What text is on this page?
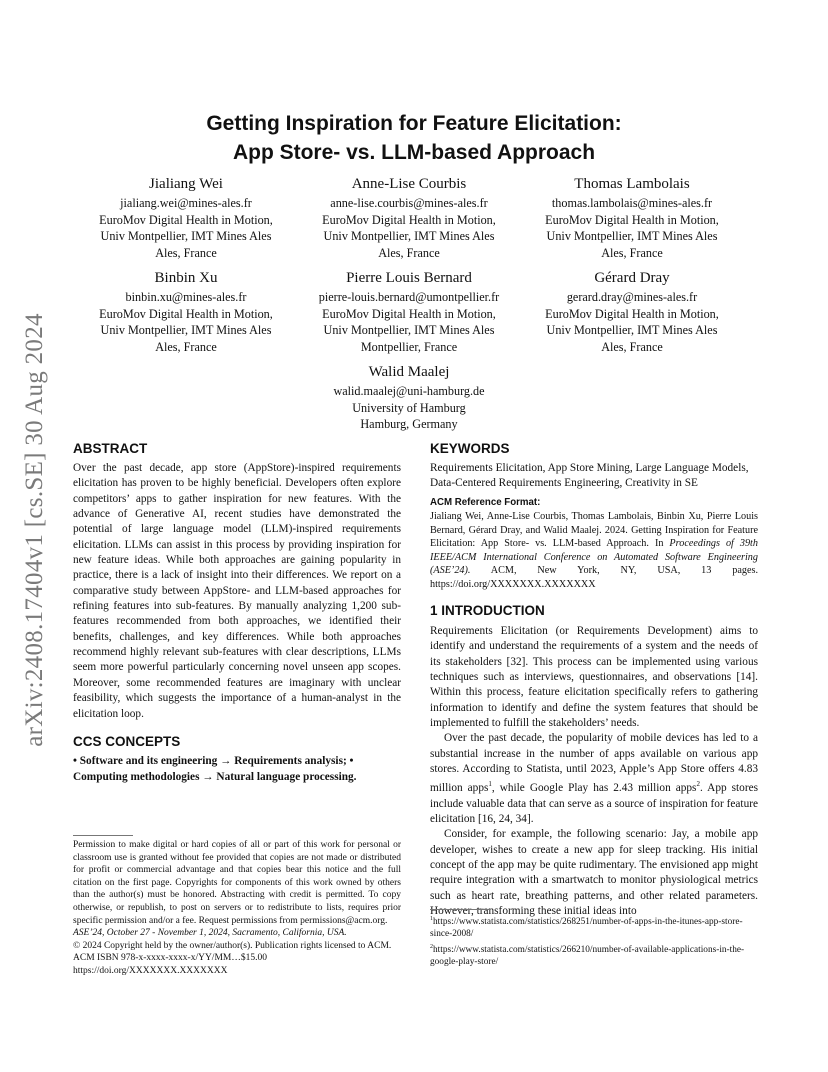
arXiv:2408.17404v1 [cs.SE] 30 Aug 2024
Getting Inspiration for Feature Elicitation:
App Store- vs. LLM-based Approach
Jialiang Wei
jialiang.wei@mines-ales.fr
EuroMov Digital Health in Motion,
Univ Montpellier, IMT Mines Ales
Ales, France
Anne-Lise Courbis
anne-lise.courbis@mines-ales.fr
EuroMov Digital Health in Motion,
Univ Montpellier, IMT Mines Ales
Ales, France
Thomas Lambolais
thomas.lambolais@mines-ales.fr
EuroMov Digital Health in Motion,
Univ Montpellier, IMT Mines Ales
Ales, France
Binbin Xu
binbin.xu@mines-ales.fr
EuroMov Digital Health in Motion,
Univ Montpellier, IMT Mines Ales
Ales, France
Pierre Louis Bernard
pierre-louis.bernard@umontpellier.fr
EuroMov Digital Health in Motion,
Univ Montpellier, IMT Mines Ales
Montpellier, France
Gérard Dray
gerard.dray@mines-ales.fr
EuroMov Digital Health in Motion,
Univ Montpellier, IMT Mines Ales
Ales, France
Walid Maalej
walid.maalej@uni-hamburg.de
University of Hamburg
Hamburg, Germany
ABSTRACT

Over the past decade, app store (AppStore)-inspired requirements elicitation has proven to be highly beneficial. Developers often explore competitors’ apps to gather inspiration for new features. With the advance of Generative AI, recent studies have demonstrated the potential of large language model (LLM)-inspired requirements elicitation. LLMs can assist in this process by providing inspiration for new feature ideas. While both approaches are gaining popularity in practice, there is a lack of insight into their differences. We report on a comparative study between AppStore- and LLM-based approaches for refining features into sub-features. By manually analyzing 1,200 sub-features recommended from both approaches, we identified their benefits, challenges, and key differences. While both approaches recommend highly relevant sub-features with clear descriptions, LLMs seem more powerful particularly concerning novel unseen app scopes. Moreover, some recommended features are imaginary with unclear feasibility, which suggests the importance of a human-analyst in the elicitation loop.

CCS CONCEPTS
• Software and its engineering → Requirements analysis; •
Computing methodologies → Natural language processing.

Permission to make digital or hard copies of all or part of this work for personal or classroom use is granted without fee provided that copies are not made or distributed for profit or commercial advantage and that copies bear this notice and the full citation on the first page. Copyrights for components of this work owned by others than the author(s) must be honored. Abstracting with credit is permitted. To copy otherwise, or republish, to post on servers or to redistribute to lists, requires prior specific permission and/or a fee. Request permissions from permissions@acm.org.

ASE’24, October 27 - November 1, 2024, Sacramento, California, USA.

© 2024 Copyright held by the owner/author(s). Publication rights licensed to ACM.

ACM ISBN 978-x-xxxx-xxxx-x/YY/MM…$15.00

https://doi.org/XXXXXXX.XXXXXXX

KEYWORDS

Requirements Elicitation, App Store Mining, Large Language Models, Data-Centered Requirements Engineering, Creativity in SE

ACM Reference Format:

Jialiang Wei, Anne-Lise Courbis, Thomas Lambolais, Binbin Xu, Pierre Louis Bernard, Gérard Dray, and Walid Maalej. 2024. Getting Inspiration for Feature Elicitation: App Store- vs. LLM-based Approach. In Proceedings of 39th IEEE/ACM International Conference on Automated Software Engineering (ASE’24). ACM, New York, NY, USA, 13 pages. https://doi.org/XXXXXXX.XXXXXXX

1 INTRODUCTION

Requirements Elicitation (or Requirements Development) aims to identify and understand the requirements of a system and the needs of its stakeholders [32]. This process can be implemented using various techniques such as interviews, questionnaires, and observations [14]. Within this process, feature elicitation specifically refers to gathering information to identify and define the system features that should be implemented to fulfill the stakeholders’ needs.

Over the past decade, the popularity of mobile devices has led to a substantial increase in the number of apps available on various app stores. According to Statista, until 2023, Apple’s App Store offers 4.83 million apps$^1$, while Google Play has 2.43 million apps$^2$. App stores include valuable data that can serve as a source of inspiration for feature elicitation [16, 24, 34].

Consider, for example, the following scenario: Jay, a mobile app developer, wishes to create a new app for sleep tracking. His initial concept of the app may be quite rudimentary. The envisioned app might require integration with a smartwatch to monitor physiological metrics such as heart rate, breathing patterns, and other related parameters. However, transforming these initial ideas into

$^1$https://www.statista.com/statistics/268251/number-of-apps-in-the-itunes-app-store-since-2008/

$^2$https://www.statista.com/statistics/266210/number-of-available-applications-in-the-google-play-store/
